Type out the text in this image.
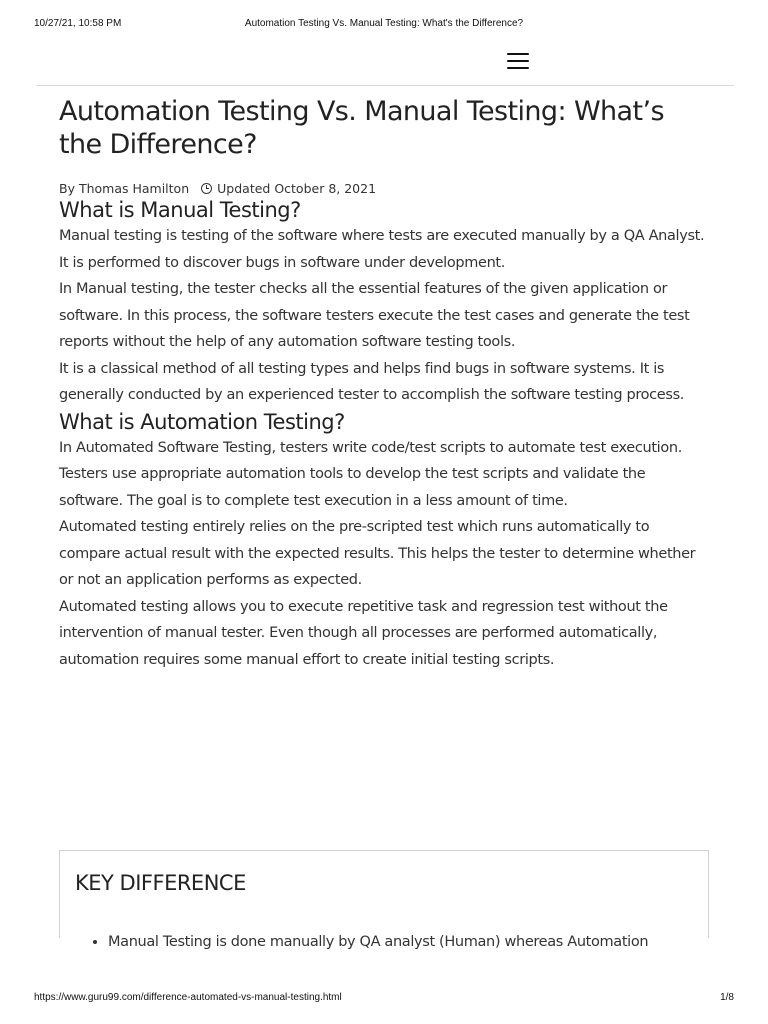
10/27/21, 10:58 PM	Automation Testing Vs. Manual Testing: What's the Difference?
Automation Testing Vs. Manual Testing: What’s the Difference?
By Thomas Hamilton Updated October 8, 2021
What is Manual Testing?

Manual testing is testing of the software where tests are executed manually by a QA Analyst. It is performed to discover bugs in software under development.

In Manual testing, the tester checks all the essential features of the given application or software. In this process, the software testers execute the test cases and generate the test reports without the help of any automation software testing tools.

It is a classical method of all testing types and helps find bugs in software systems. It is generally conducted by an experienced tester to accomplish the software testing process.

What is Automation Testing?

In Automated Software Testing, testers write code/test scripts to automate test execution. Testers use appropriate automation tools to develop the test scripts and validate the software. The goal is to complete test execution in a less amount of time.

Automated testing entirely relies on the pre-scripted test which runs automatically to compare actual result with the expected results. This helps the tester to determine whether or not an application performs as expected.

Automated testing allows you to execute repetitive task and regression test without the intervention of manual tester. Even though all processes are performed automatically, automation requires some manual effort to create initial testing scripts.

KEY DIFFERENCE
• Manual Testing is done manually by QA analyst (Human) whereas Automation
https://www.guru99.com/difference-automated-vs-manual-testing.html	1/8
